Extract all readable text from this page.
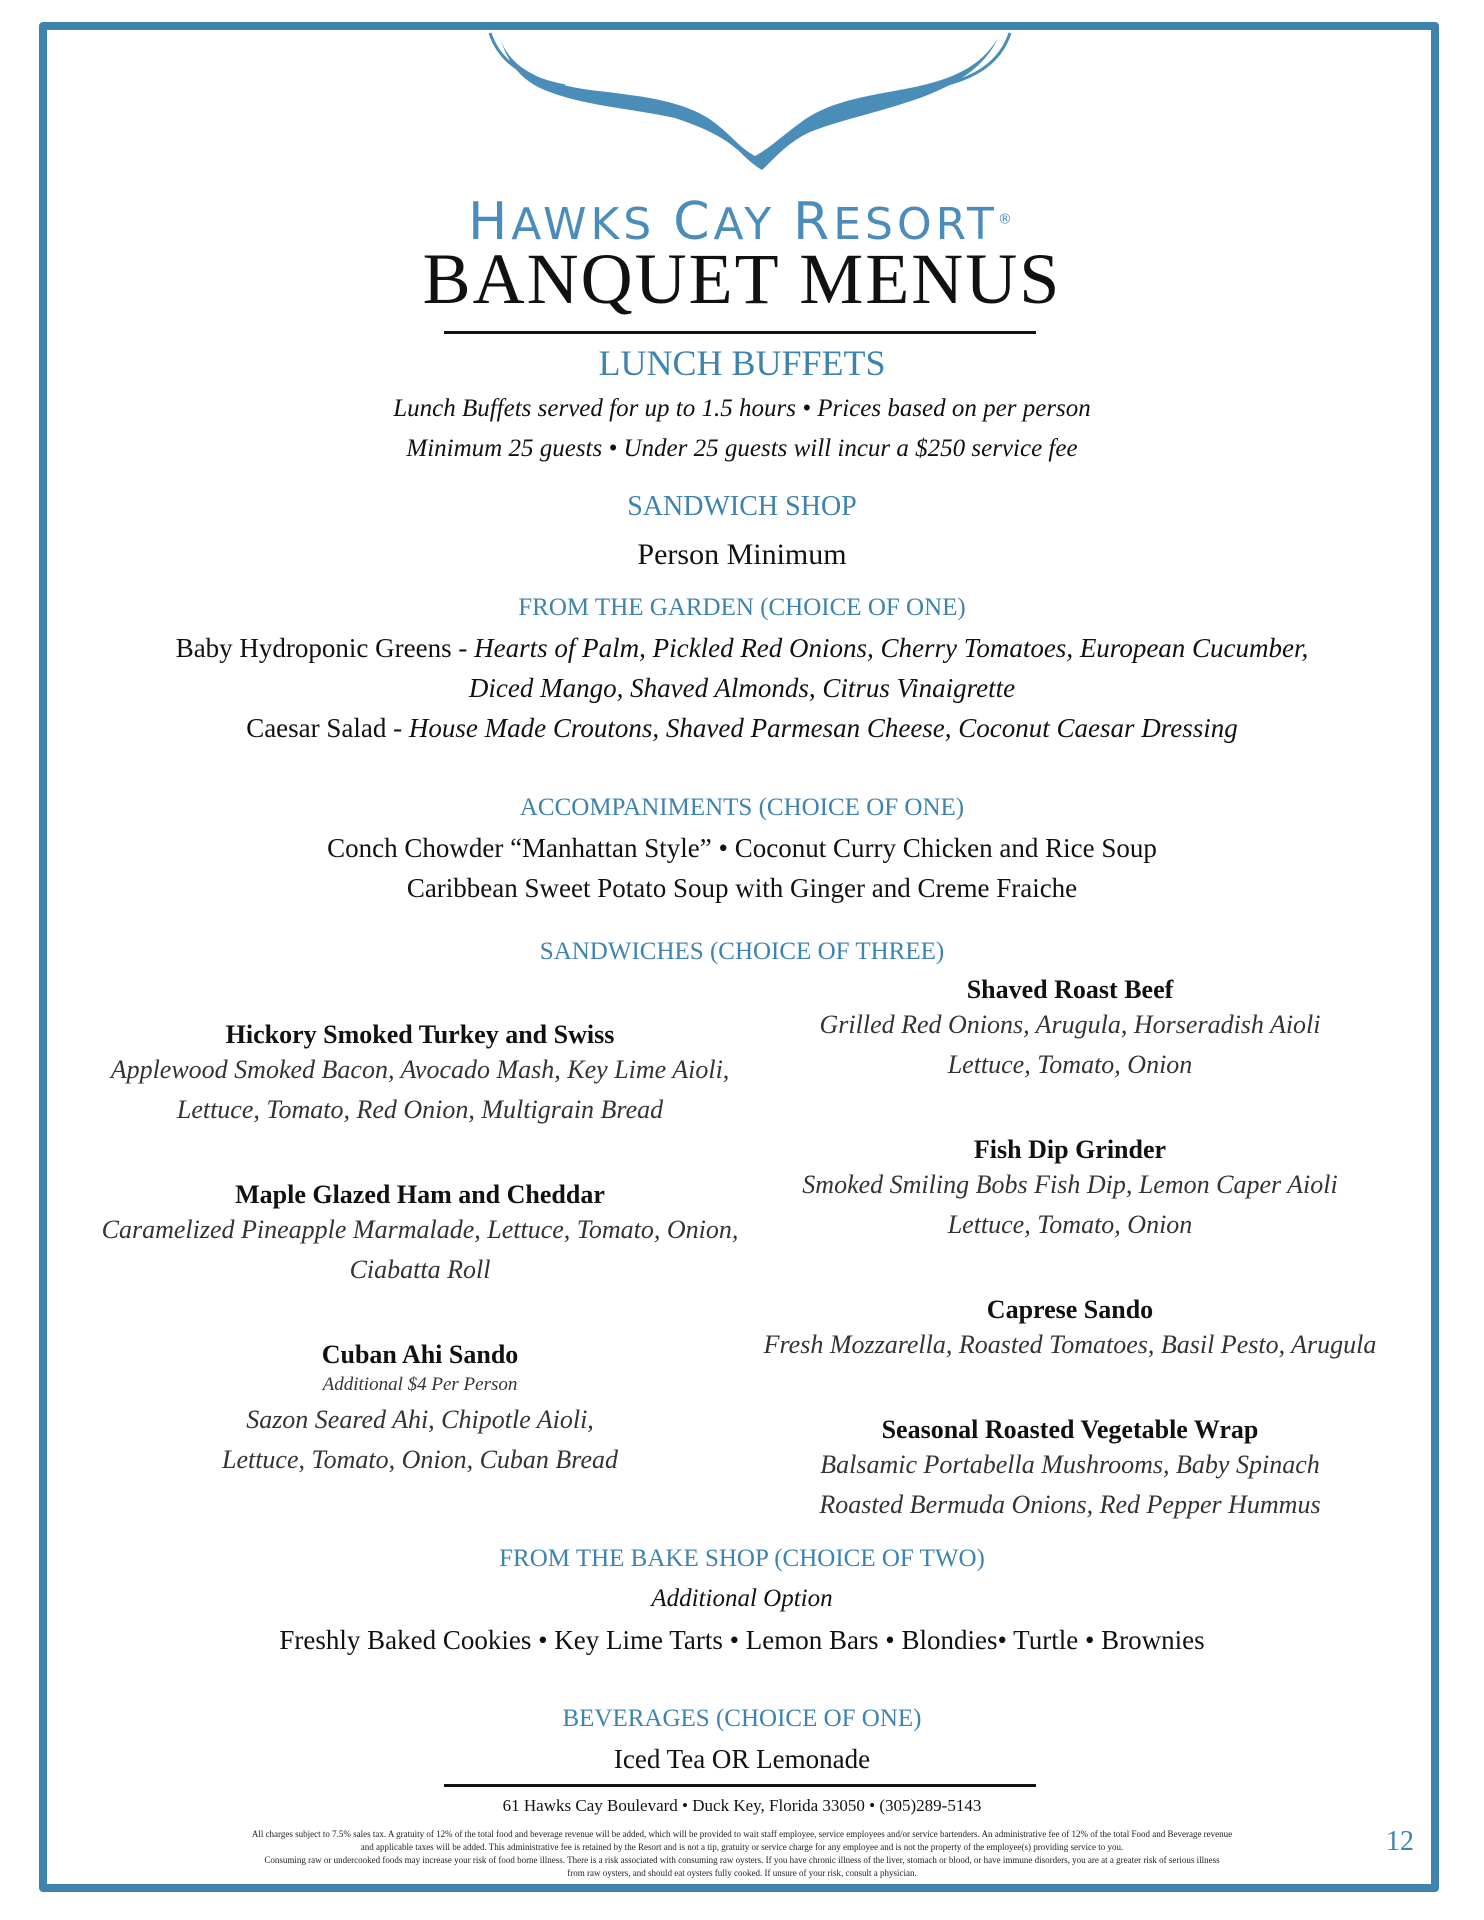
HAWKS CAY RESORT®
BANQUET MENUS
LUNCH BUFFETS
Lunch Buffets served for up to 1.5 hours • Prices based on per person
Minimum 25 guests • Under 25 guests will incur a $250 service fee
SANDWICH SHOP
Person Minimum
FROM THE GARDEN (CHOICE OF ONE)
Baby Hydroponic Greens - Hearts of Palm, Pickled Red Onions, Cherry Tomatoes, European Cucumber,
Diced Mango, Shaved Almonds, Citrus Vinaigrette
Caesar Salad - House Made Croutons, Shaved Parmesan Cheese, Coconut Caesar Dressing
ACCOMPANIMENTS (CHOICE OF ONE)
Conch Chowder “Manhattan Style” • Coconut Curry Chicken and Rice Soup
Caribbean Sweet Potato Soup with Ginger and Creme Fraiche
SANDWICHES (CHOICE OF THREE)
Hickory Smoked Turkey and Swiss
Applewood Smoked Bacon, Avocado Mash, Key Lime Aioli,
Lettuce, Tomato, Red Onion, Multigrain Bread
Maple Glazed Ham and Cheddar
Caramelized Pineapple Marmalade, Lettuce, Tomato, Onion,
Ciabatta Roll
Cuban Ahi Sando
Additional $4 Per Person
Sazon Seared Ahi, Chipotle Aioli,
Lettuce, Tomato, Onion, Cuban Bread
Shaved Roast Beef
Grilled Red Onions, Arugula, Horseradish Aioli
Lettuce, Tomato, Onion
Fish Dip Grinder
Smoked Smiling Bobs Fish Dip, Lemon Caper Aioli
Lettuce, Tomato, Onion
Caprese Sando
Fresh Mozzarella, Roasted Tomatoes, Basil Pesto, Arugula
Seasonal Roasted Vegetable Wrap
Balsamic Portabella Mushrooms, Baby Spinach
Roasted Bermuda Onions, Red Pepper Hummus
FROM THE BAKE SHOP (CHOICE OF TWO)
Additional Option
Freshly Baked Cookies • Key Lime Tarts • Lemon Bars • Blondies• Turtle • Brownies
BEVERAGES (CHOICE OF ONE)
Iced Tea OR Lemonade
61 Hawks Cay Boulevard • Duck Key, Florida 33050 • (305)289-5143
All charges subject to 7.5% sales tax. A gratuity of 12% of the total food and beverage revenue will be added, which will be provided to wait staff employee, service employees and/or service bartenders. An administrative fee of 12% of the total Food and Beverage revenue
and applicable taxes will be added. This administrative fee is retained by the Resort and is not a tip, gratuity or service charge for any employee and is not the property of the employee(s) providing service to you.
Consuming raw or undercooked foods may increase your risk of food borne illness. There is a risk associated with consuming raw oysters. If you have chronic illness of the liver, stomach or blood, or have immune disorders, you are at a greater risk of serious illness
from raw oysters, and should eat oysters fully cooked. If unsure of your risk, consult a physician.
12
